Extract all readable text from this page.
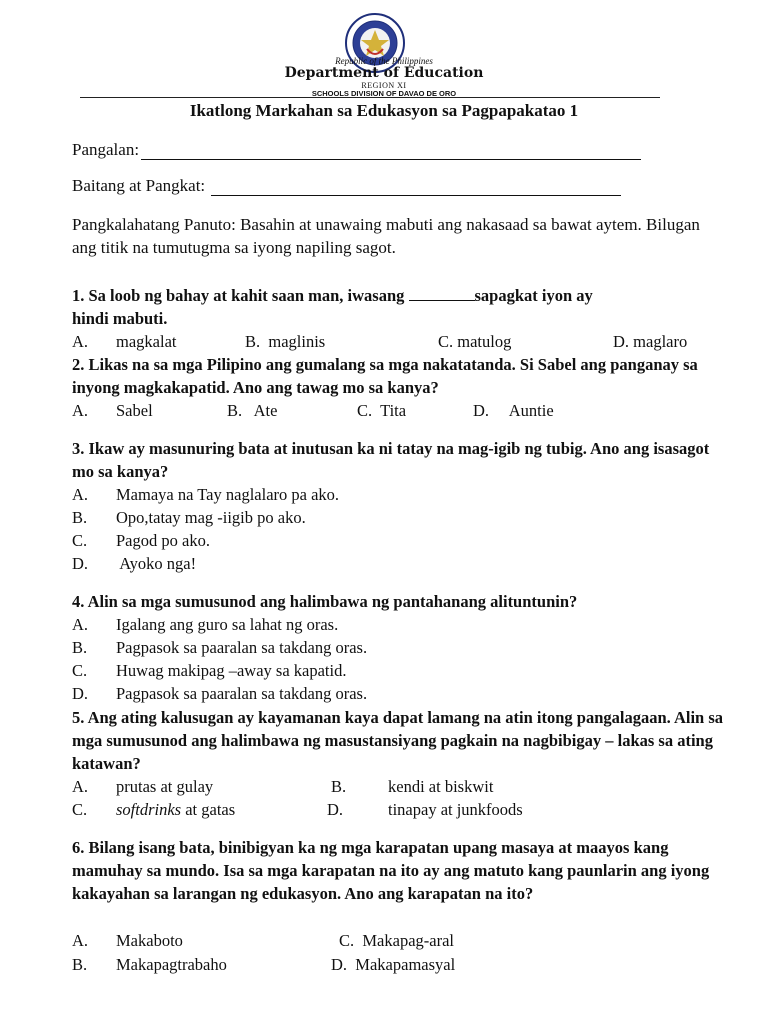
Republic of the Philippines
Department of Education
REGION XI
SCHOOLS DIVISION OF DAVAO DE ORO
Ikatlong Markahan sa Edukasyon sa Pagpapakatao 1
Pangalan:
Baitang at Pangkat:
Pangkalahatang Panuto: Basahin at unawaing mabuti ang nakasaad sa bawat aytem. Bilugan ang titik na tumutugma sa iyong napiling sagot.
1. Sa loob ng bahay at kahit saan man, iwasang	sapagkat iyon ay
hindi mabuti.
A. magkalat	B. maglinis	C. matulog	D. maglaro
2. Likas na sa mga Pilipino ang gumalang sa mga nakatatanda. Si Sabel ang panganay sa inyong magkakapatid. Ano ang tawag mo sa kanya?
A. Sabel	B. Ate	C. Tita	D. Auntie
3. Ikaw ay masunuring bata at inutusan ka ni tatay na mag-igib ng tubig. Ano ang isasagot mo sa kanya?
A. Mamaya na Tay naglalaro pa ako.
B. Opo,tatay mag -iigib po ako.
C. Pagod po ako.
D. Ayoko nga!
4. Alin sa mga sumusunod ang halimbawa ng pantahanang alituntunin?
A. Igalang ang guro sa lahat ng oras.
B. Pagpasok sa paaralan sa takdang oras.
C. Huwag makipag –away sa kapatid.
D. Pagpasok sa paaralan sa takdang oras.
5. Ang ating kalusugan ay kayamanan kaya dapat lamang na atin itong pangalagaan. Alin sa mga sumusunod ang halimbawa ng masustansiyang pagkain na nagbibigay – lakas sa ating katawan?
A. prutas at gulay	B.	kendi at biskwit
C. softdrinks at gatas	D.	tinapay at junkfoods
6. Bilang isang bata, binibigyan ka ng mga karapatan upang masaya at maayos kang mamuhay sa mundo. Isa sa mga karapatan na ito ay ang matuto kang paunlarin ang iyong kakayahan sa larangan ng edukasyon. Ano ang karapatan na ito?
A. Makaboto	C. Makapag-aral
B. Makapagtrabaho	D. Makapamasyal
